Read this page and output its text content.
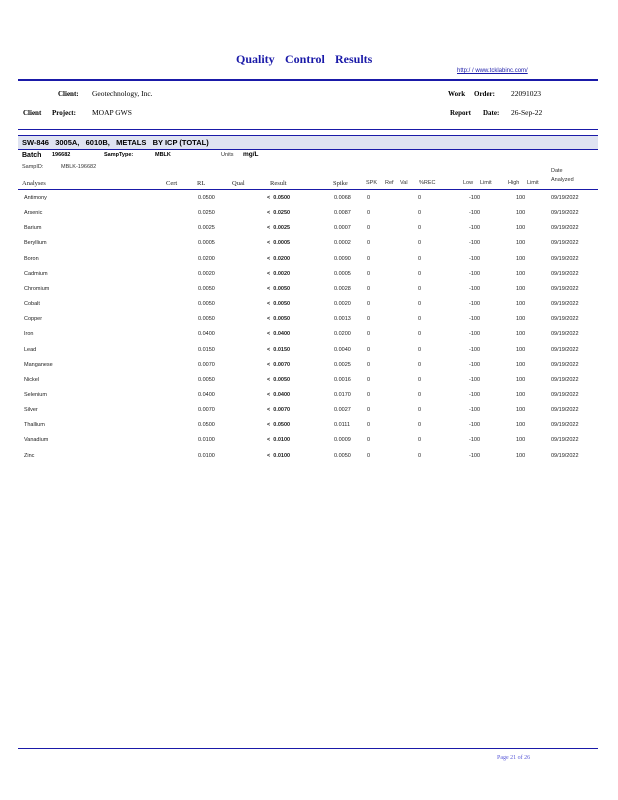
Quality Control Results
http:/ / www.tcklabinc.com/
Client: Geotechnology, Inc.
Client Project: MOAP GWS
Work Order: 22091023
Report Date: 26-Sep-22
SW-846   3005A,   6010B,   METALS   BY ICP (TOTAL)
Batch 196682	SampType:	MBLK	Units mg/L
SampID:	MBLK-196682
Date
Analyzed
Analyses	Cert	RL	Qual	Result	Spike	SPK Ref Val %REC	Low Limit	High Limit
Antimony	0.0500	<  0.0500	0.0068	0	0	-100	100	09/19/2022
Arsenic	0.0250	<  0.0250	0.0087	0	0	-100	100	09/19/2022
Barium	0.0025	<  0.0025	0.0007	0	0	-100	100	09/19/2022
Beryllium	0.0005	<  0.0005	0.0002	0	0	-100	100	09/19/2022
Boron	0.0200	<  0.0200	0.0090	0	0	-100	100	09/19/2022
Cadmium	0.0020	<  0.0020	0.0005	0	0	-100	100	09/19/2022
Chromium	0.0050	<  0.0050	0.0028	0	0	-100	100	09/19/2022
Cobalt	0.0050	<  0.0050	0.0020	0	0	-100	100	09/19/2022
Copper	0.0050	<  0.0050	0.0013	0	0	-100	100	09/19/2022
Iron	0.0400	<  0.0400	0.0200	0	0	-100	100	09/19/2022
Lead	0.0150	<  0.0150	0.0040	0	0	-100	100	09/19/2022
Manganese	0.0070	<  0.0070	0.0025	0	0	-100	100	09/19/2022
Nickel	0.0050	<  0.0050	0.0016	0	0	-100	100	09/19/2022
Selenium	0.0400	<  0.0400	0.0170	0	0	-100	100	09/19/2022
Silver	0.0070	<  0.0070	0.0027	0	0	-100	100	09/19/2022
Thallium	0.0500	<  0.0500	0.0111	0	0	-100	100	09/19/2022
Vanadium	0.0100	<  0.0100	0.0009	0	0	-100	100	09/19/2022
Zinc	0.0100	<  0.0100	0.0050	0	0	-100	100	09/19/2022
Page 21 of 26
